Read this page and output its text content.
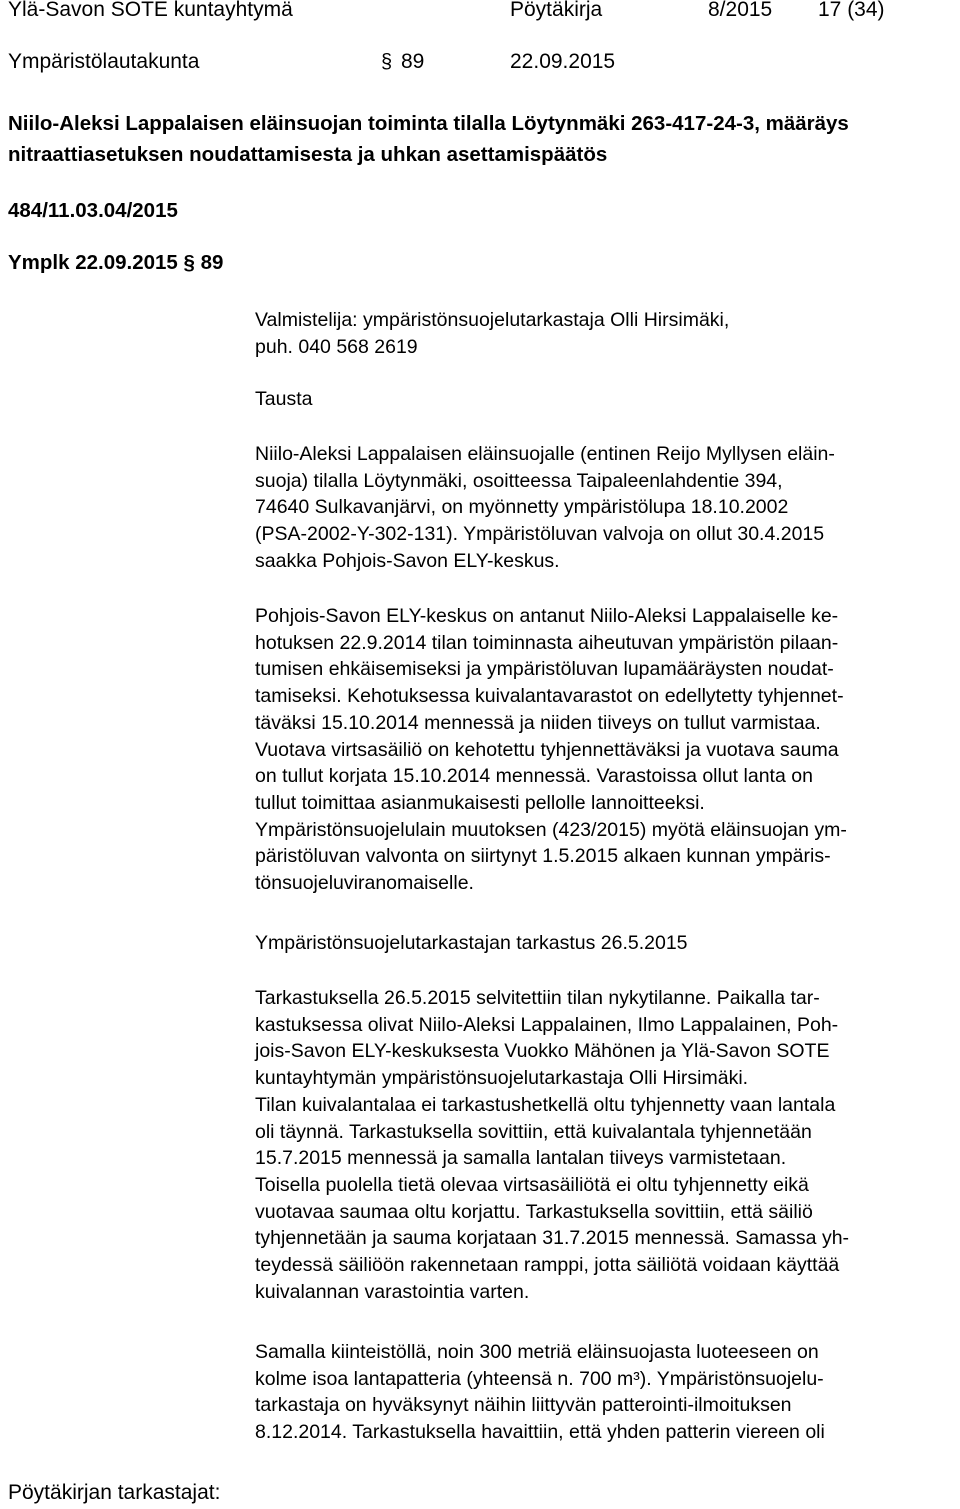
Ylä-Savon SOTE kuntayhtymä	Pöytäkirja	8/2015 17 (34)
Ympäristölautakunta	89
§	22.09.2015
Niilo-Aleksi Lappalaisen eläinsuojan toiminta tilalla Löytynmäki 263-417-24-3, määräys
nitraattiasetuksen noudattamisesta ja uhkan asettamispäätös
484/11.03.04/2015
Ymplk 22.09.2015 § 89
Valmistelija: ympäristönsuojelutarkastaja Olli Hirsimäki,
puh. 040 568 2619
Tausta

Niilo-Aleksi Lappalaisen eläinsuojalle (entinen Reijo Myllysen eläin-

suoja) tilalla Löytynmäki, osoitteessa Taipaleenlahdentie 394,

74640 Sulkavanjärvi, on myönnetty ympäristölupa 18.10.2002

(PSA-2002-Y-302-131). Ympäristöluvan valvoja on ollut 30.4.2015

saakka Pohjois-Savon ELY-keskus.

Pohjois-Savon ELY-keskus on antanut Niilo-Aleksi Lappalaiselle ke-

hotuksen 22.9.2014 tilan toiminnasta aiheutuvan ympäristön pilaan-

tumisen ehkäisemiseksi ja ympäristöluvan lupamääräysten noudat-

tamiseksi. Kehotuksessa kuivalantavarastot on edellytetty tyhjennet-

täväksi 15.10.2014 mennessä ja niiden tiiveys on tullut varmistaa.

Vuotava virtsasäiliö on kehotettu tyhjennettäväksi ja vuotava sauma

on tullut korjata 15.10.2014 mennessä. Varastoissa ollut lanta on

tullut toimittaa asianmukaisesti pellolle lannoitteeksi.

Ympäristönsuojelulain muutoksen (423/2015) myötä eläinsuojan ym-

päristöluvan valvonta on siirtynyt 1.5.2015 alkaen kunnan ympäris-

tönsuojeluviranomaiselle.

Ympäristönsuojelutarkastajan tarkastus 26.5.2015

Tarkastuksella 26.5.2015 selvitettiin tilan nykytilanne. Paikalla tar-

kastuksessa olivat Niilo-Aleksi Lappalainen, Ilmo Lappalainen, Poh-

jois-Savon ELY-keskuksesta Vuokko Mähönen ja Ylä-Savon SOTE

kuntayhtymän ympäristönsuojelutarkastaja Olli Hirsimäki.

Tilan kuivalantalaa ei tarkastushetkellä oltu tyhjennetty vaan lantala

oli täynnä. Tarkastuksella sovittiin, että kuivalantala tyhjennetään

15.7.2015 mennessä ja samalla lantalan tiiveys varmistetaan.

Toisella puolella tietä olevaa virtsasäiliötä ei oltu tyhjennetty eikä

vuotavaa saumaa oltu korjattu. Tarkastuksella sovittiin, että säiliö

tyhjennetään ja sauma korjataan 31.7.2015 mennessä. Samassa yh-

teydessä säiliöön rakennetaan ramppi, jotta säiliötä voidaan käyttää

kuivalannan varastointia varten.

Samalla kiinteistöllä, noin 300 metriä eläinsuojasta luoteeseen on

kolme isoa lantapatteria (yhteensä n. 700 m³). Ympäristönsuojelu-

tarkastaja on hyväksynyt näihin liittyvän patterointi-ilmoituksen

8.12.2014. Tarkastuksella havaittiin, että yhden patterin viereen oli

Pöytäkirjan tarkastajat:
